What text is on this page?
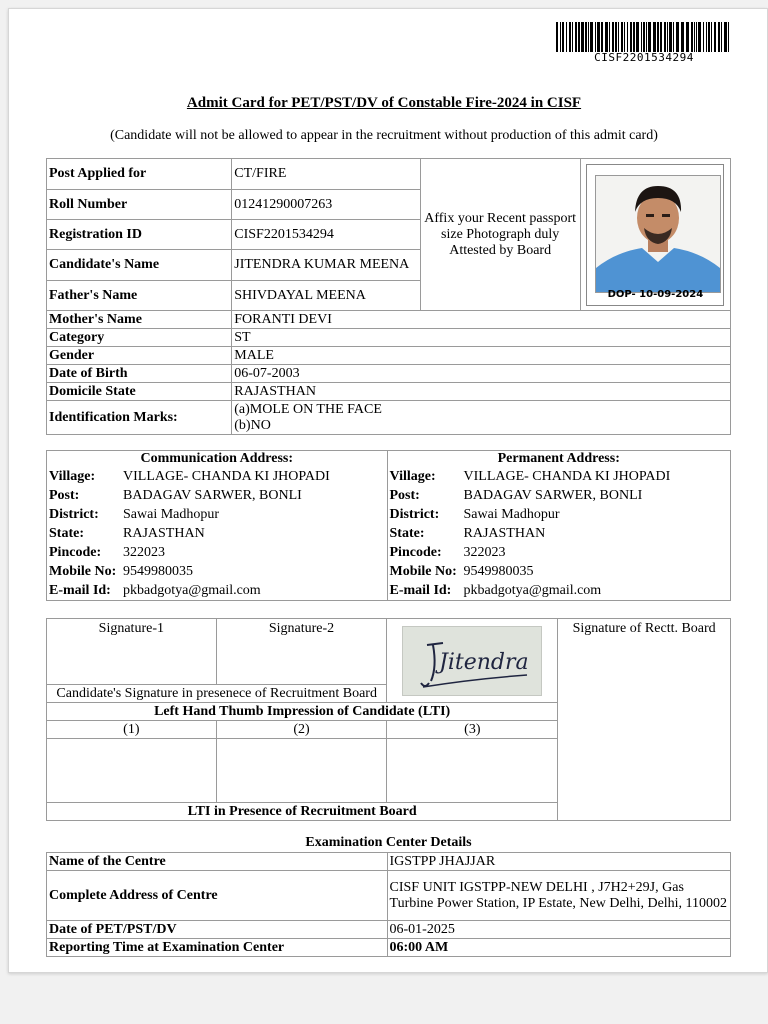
CISF2201534294
Admit Card for PET/PST/DV of Constable Fire-2024 in CISF
(Candidate will not be allowed to appear in the recruitment without production of this admit card)
Post Applied for	CT/FIRE	Affix your Recent passport size Photograph duly Attested by Board	DOP- 10-09-2024

Roll Number	01241290007263		
Registration ID	CISF2201534294		
Candidate's Name	JITENDRA KUMAR MEENA		
Father's Name	SHIVDAYAL MEENA		
Mother's Name	FORANTI DEVI		
Category	ST		
Gender	MALE		
Date of Birth	06-07-2003		
Domicile State	RAJASTHAN		
Identification Marks:	(a)MOLE ON THE FACE
(b)NO		
Communication Address:
Village:	VILLAGE- CHANDA KI JHOPADI
Post:	BADAGAV SARWER, BONLI
District:	Sawai Madhopur
State:	RAJASTHAN
Pincode:	322023
Mobile No:	9549980035
E-mail Id:	pkbadgotya@gmail.com

Permanent Address:
Village:	VILLAGE- CHANDA KI JHOPADI
Post:	BADAGAV SARWER, BONLI
District:	Sawai Madhopur
State:	RAJASTHAN
Pincode:	322023
Mobile No:	9549980035
E-mail Id:	pkbadgotya@gmail.com
Signature-1	Signature-2	Jitendra	Signature of Rectt. Board
Candidate's Signature in presenece of Recruitment Board			
Left Hand Thumb Impression of Candidate (LTI)			
(1)	(2)	(3)	

LTI in Presence of Recruitment Board			
Examination Center Details
Name of the Centre	IGSTPP JHAJJAR
Complete Address of Centre	CISF UNIT IGSTPP-NEW DELHI , J7H2+29J, Gas Turbine Power Station, IP Estate, New Delhi, Delhi, 110002
Date of PET/PST/DV	06-01-2025
Reporting Time at Examination Center	06:00 AM
